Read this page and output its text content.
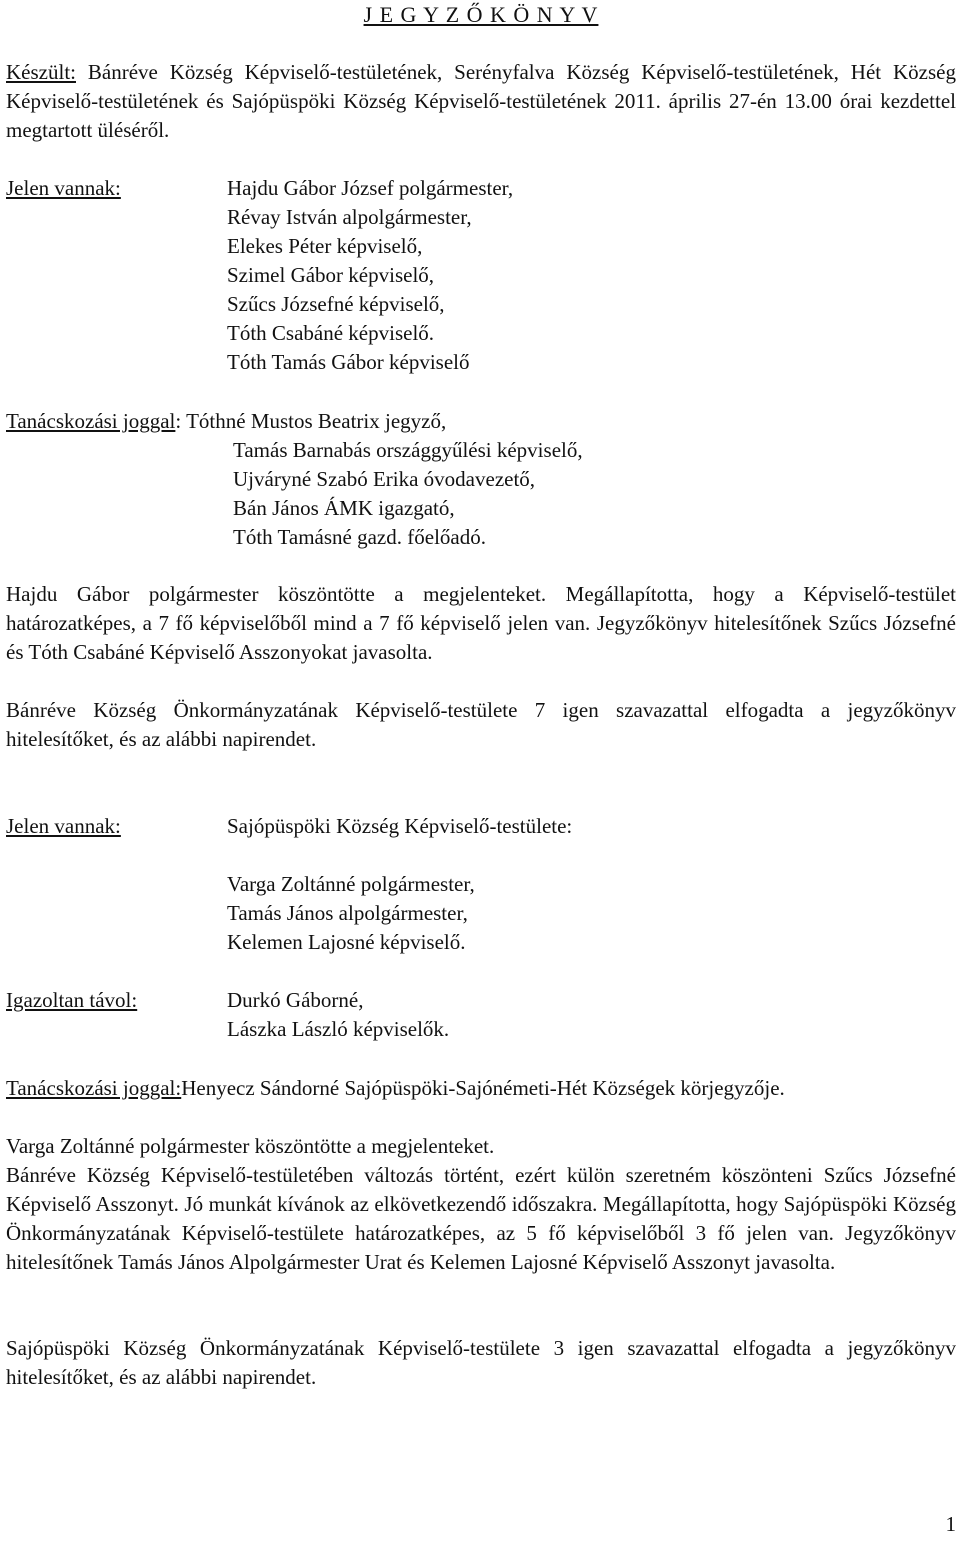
J E G Y Z Ő K Ö N Y V

Készült: Bánréve Község Képviselő-testületének, Serényfalva Község Képviselő-testületének, Hét Község Képviselő-testületének és Sajópüspöki Község Képviselő-testületének 2011. április 27-én 13.00 órai kezdettel megtartott üléséről.

Jelen vannak:	Hajdu Gábor József polgármester,
Révay István alpolgármester,
Elekes Péter képviselő,
Szimel Gábor képviselő,
Szűcs Józsefné képviselő,
Tóth Csabáné képviselő.
Tóth Tamás Gábor képviselő
Tanácskozási joggal: Tóthné Mustos Beatrix jegyző,
Tamás Barnabás országgyűlési képviselő,
Ujváryné Szabó Erika óvodavezető,
Bán János ÁMK igazgató,
Tóth Tamásné gazd. főelőadó.

Hajdu Gábor polgármester köszöntötte a megjelenteket. Megállapította, hogy a Képviselő-testület határozatképes, a 7 fő képviselőből mind a 7 fő képviselő jelen van. Jegyzőkönyv hitelesítőnek Szűcs Józsefné és Tóth Csabáné Képviselő Asszonyokat javasolta.

Bánréve Község Önkormányzatának Képviselő-testülete 7 igen szavazattal elfogadta a jegyzőkönyv hitelesítőket, és az alábbi napirendet.

Jelen vannak:	Sajópüspöki Község Képviselő-testülete:
Varga Zoltánné polgármester,
Tamás János alpolgármester,
Kelemen Lajosné képviselő.
Igazoltan távol:	Durkó Gáborné,
Lászka László képviselők.
Tanácskozási joggal:Henyecz Sándorné Sajópüspöki-Sajónémeti-Hét Községek körjegyzője.

Varga Zoltánné polgármester köszöntötte a megjelenteket.

Bánréve Község Képviselő-testületében változás történt, ezért külön szeretném köszönteni Szűcs Józsefné Képviselő Asszonyt. Jó munkát kívánok az elkövetkezendő időszakra. Megállapította, hogy Sajópüspöki Község Önkormányzatának Képviselő-testülete határozatképes, az 5 fő képviselőből 3 fő jelen van. Jegyzőkönyv hitelesítőnek Tamás János Alpolgármester Urat és Kelemen Lajosné Képviselő Asszonyt javasolta.

Sajópüspöki Község Önkormányzatának Képviselő-testülete 3 igen szavazattal elfogadta a jegyzőkönyv hitelesítőket, és az alábbi napirendet.

1
